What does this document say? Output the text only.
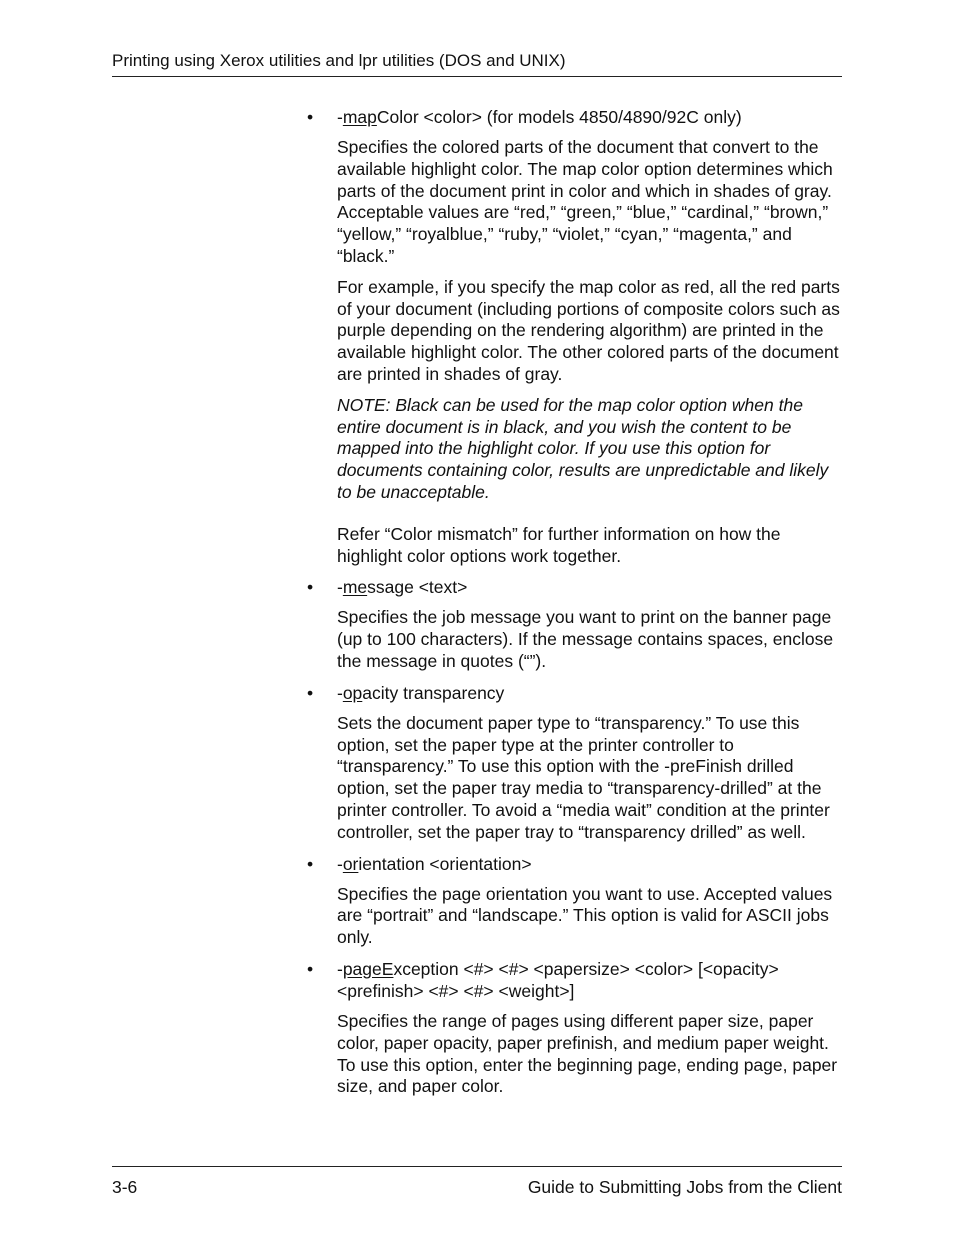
Printing using Xerox utilities and lpr utilities (DOS and UNIX)
• -mapColor <color> (for models 4850/4890/92C only)
Specifies the colored parts of the document that convert to the available highlight color. The map color option determines which parts of the document print in color and which in shades of gray. Acceptable values are “red,” “green,” “blue,” “cardinal,” “brown,” “yellow,” “royalblue,” “ruby,” “violet,” “cyan,” “magenta,” and “black.”
For example, if you specify the map color as red, all the red parts of your document (including portions of composite colors such as purple depending on the rendering algorithm) are printed in the available highlight color. The other colored parts of the document are printed in shades of gray.
NOTE: Black can be used for the map color option when the entire document is in black, and you wish the content to be mapped into the highlight color. If you use this option for documents containing color, results are unpredictable and likely to be unacceptable.
Refer “Color mismatch” for further information on how the highlight color options work together.
• -message <text>
Specifies the job message you want to print on the banner page (up to 100 characters). If the message contains spaces, enclose the message in quotes (“”).
• -opacity transparency
Sets the document paper type to “transparency.” To use this option, set the paper type at the printer controller to “transparency.” To use this option with the -preFinish drilled option, set the paper tray media to “transparency-drilled” at the printer controller. To avoid a “media wait” condition at the printer controller, set the paper tray to “transparency drilled” as well.
• -orientation <orientation>
Specifies the page orientation you want to use. Accepted values are “portrait” and “landscape.” This option is valid for ASCII jobs only.
• -pageException <#> <#> <papersize> <color> [<opacity> <prefinish> <#> <#> <weight>]
Specifies the range of pages using different paper size, paper color, paper opacity, paper prefinish, and medium paper weight. To use this option, enter the beginning page, ending page, paper size, and paper color.
3-6	Guide to Submitting Jobs from the Client
